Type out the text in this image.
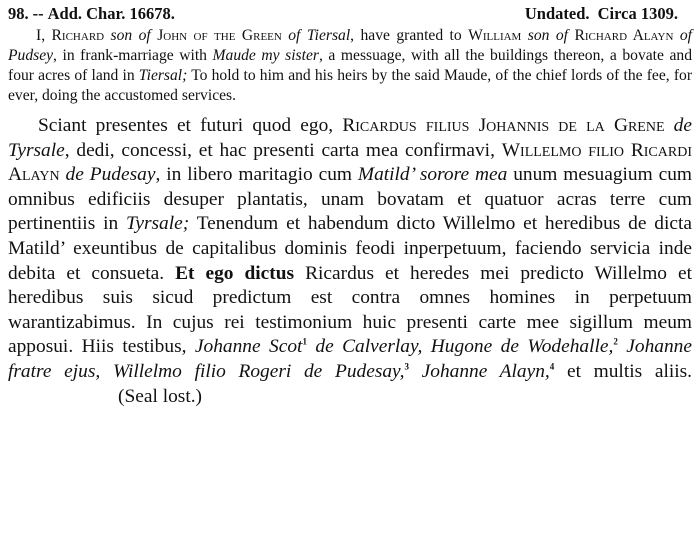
98. -- Add. Char. 16678.	Undated. Circa 1309.

I, Richard son of John of the Green of Tiersal, have granted to William son of Richard Alayn of Pudsey, in frank-marriage with Maude my sister, a messuage, with all the buildings thereon, a bovate and four acres of land in Tiersal; To hold to him and his heirs by the said Maude, of the chief lords of the fee, for ever, doing the accustomed services.

Sciant presentes et futuri quod ego, Ricardus filius Johannis de la Grene de Tyrsale, dedi, concessi, et hac presenti carta mea confirmavi, Willelmo filio Ricardi Alayn de Pudesay, in libero maritagio cum Matild’ sorore mea unum mesuagium cum omnibus edificiis desuper plantatis, unam bovatam et quatuor acras terre cum pertinentiis in Tyrsale; Tenendum et habendum dicto Willelmo et heredibus de dicta Matild’ exeuntibus de capitalibus dominis feodi inperpetuum, faciendo servicia inde debita et consueta. Et ego dictus Ricardus et heredes mei predicto Willelmo et heredibus suis sicud predictum est contra omnes homines in perpetuum warantizabimus. In cujus rei testimonium huic presenti carte mee sigillum meum apposui. Hiis testibus, Johanne Scot$^1$ de Calverlay, Hugone de Wodehalle,$^2$ Johanne fratre ejus, Willelmo filio Rogeri de Pudesay,$^3$ Johanne Alayn,$^4$ et multis aliis.(Seal lost.)
